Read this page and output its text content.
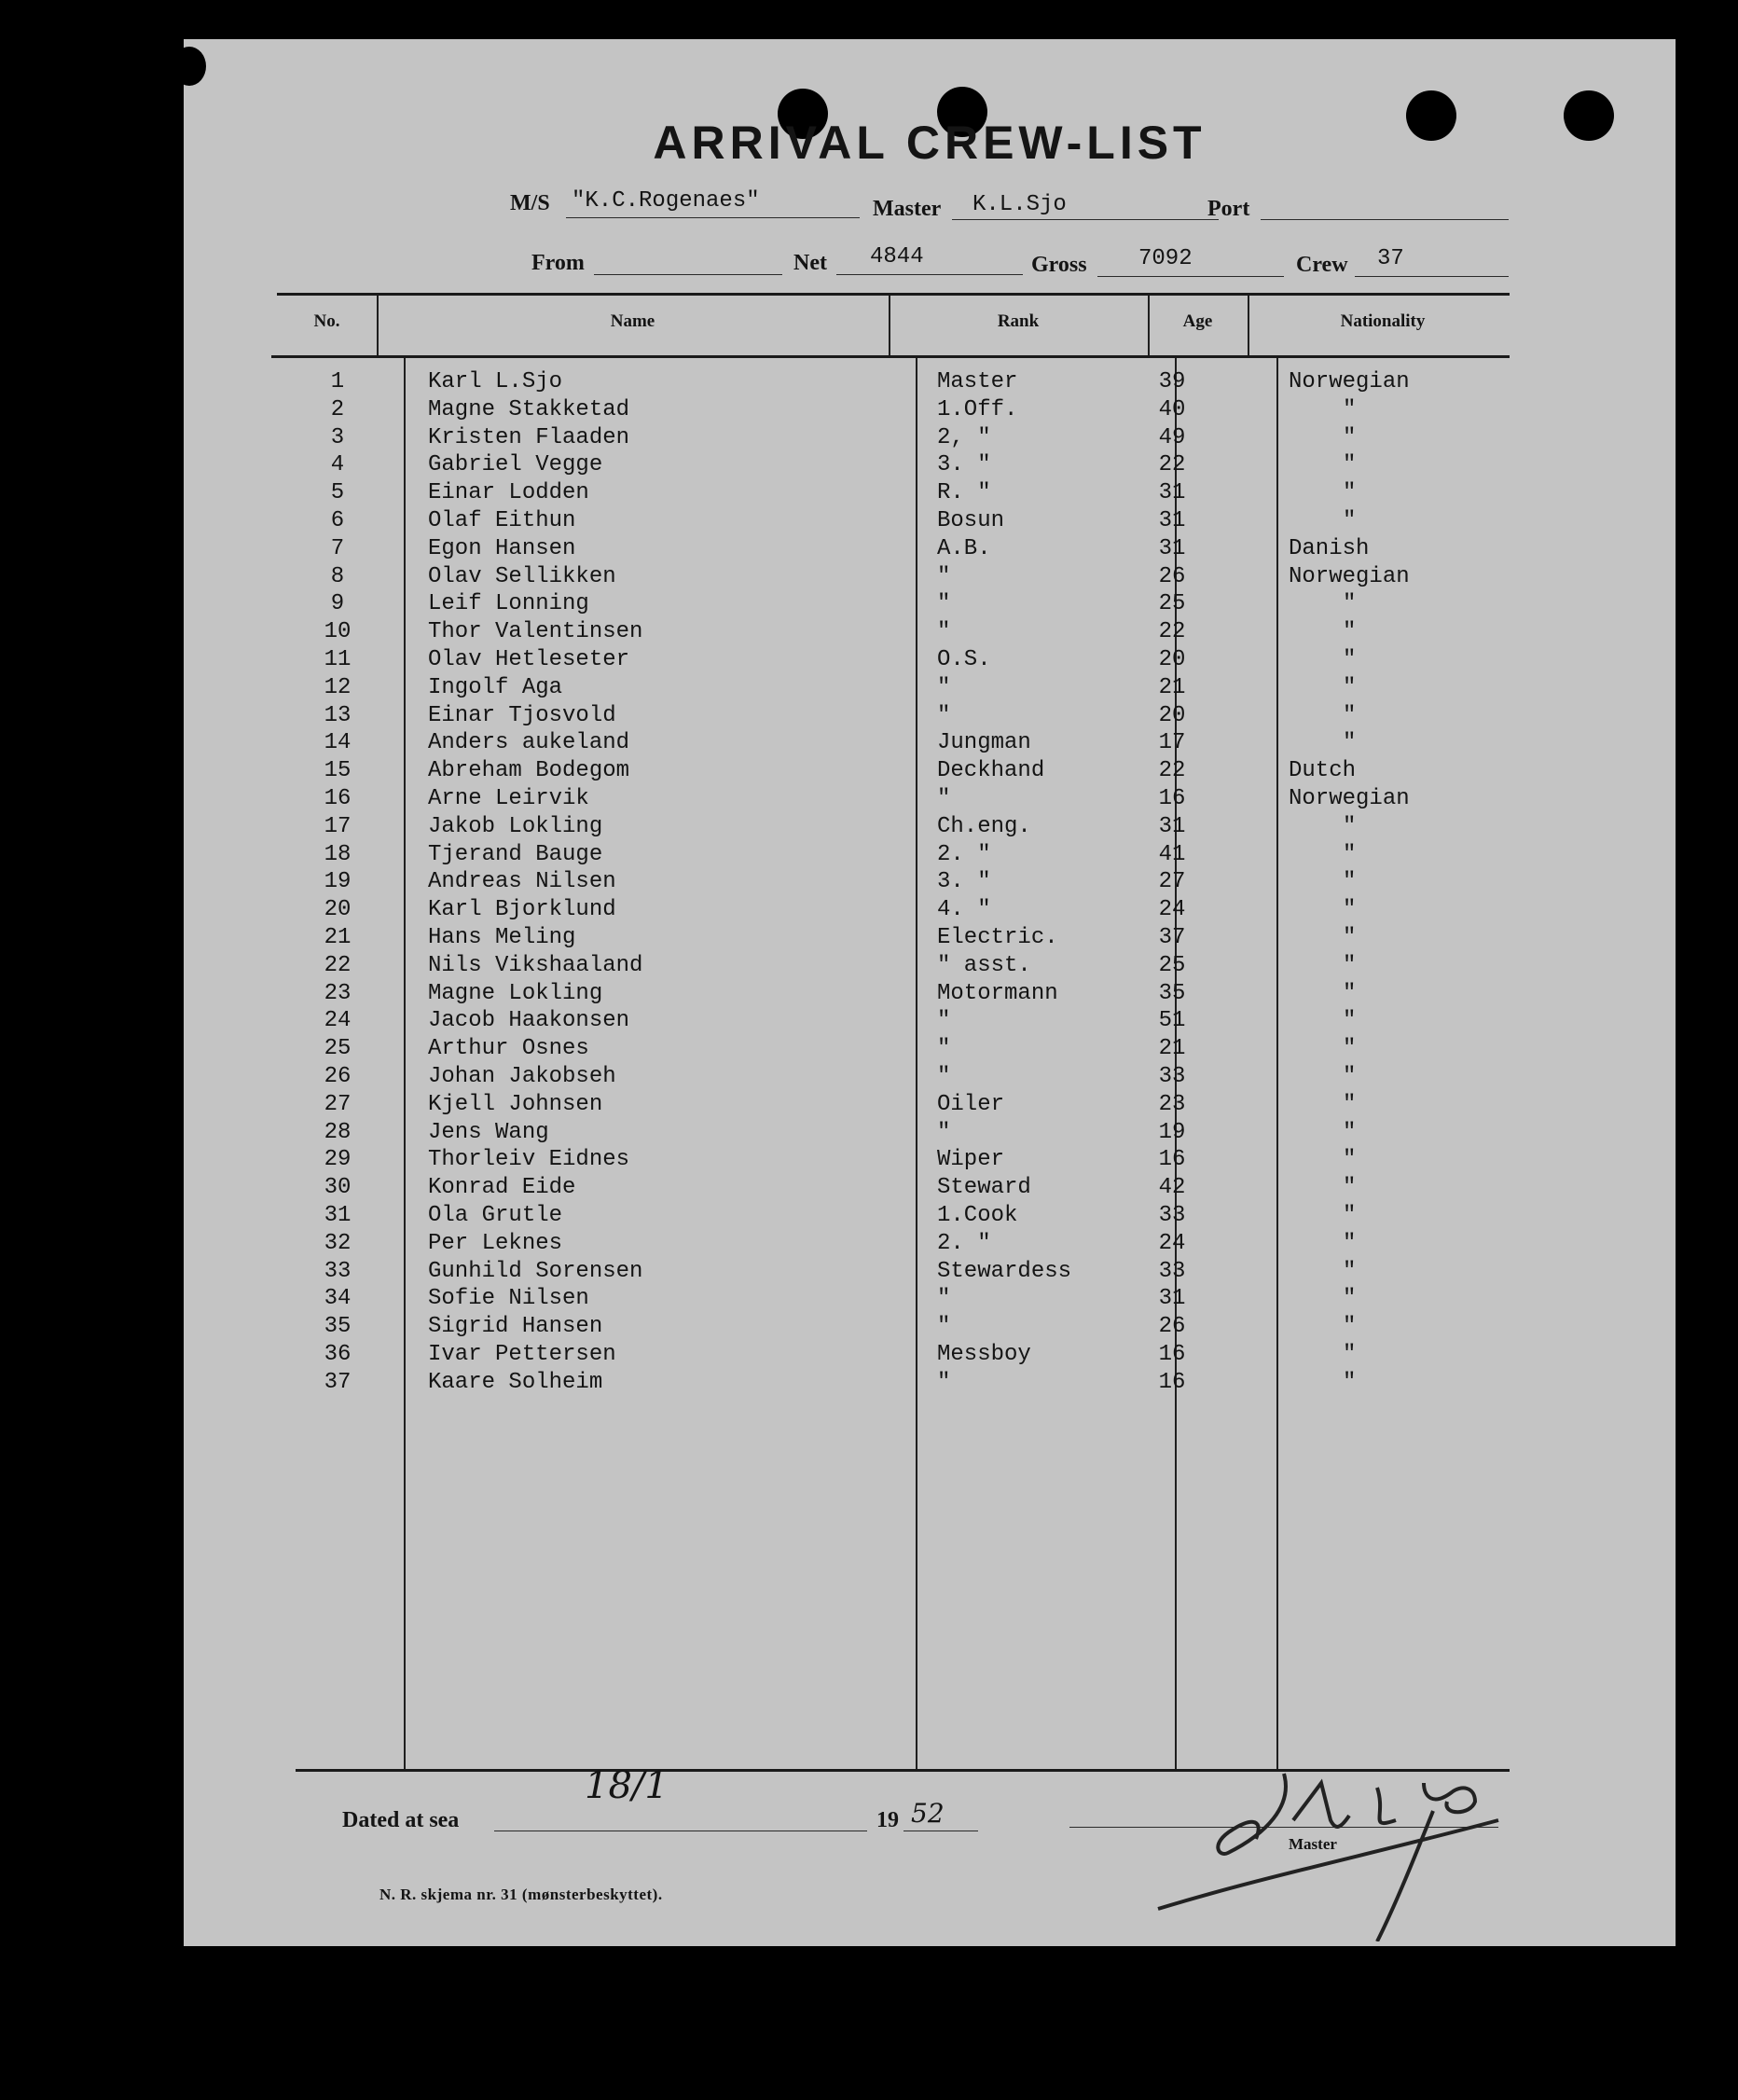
ARRIVAL CREW-LIST
M/S "K.C.Rogenaes"	Master K.L.Sjo	Port
From	Net 4844	Gross 7092	Crew 37
No.	Name	Rank	Age	Nationality
1	Karl L.Sjo	Master	39	Norwegian
2	Magne Stakketad	1.Off.	40	"
3	Kristen Flaaden	2, "	49	"
4	Gabriel Vegge	3. "	22	"
5	Einar Lodden	R. "	31	"
6	Olaf Eithun	Bosun	31	"
7	Egon Hansen	A.B.	31	Danish
8	Olav Sellikken	"	26	Norwegian
9	Leif Lonning	"	25	"
10	Thor Valentinsen	"	22	"
11	Olav Hetleseter	O.S.	20	"
12	Ingolf Aga	"	21	"
13	Einar Tjosvold	"	20	"
14	Anders aukeland	Jungman	17	"
15	Abreham Bodegom	Deckhand	22	Dutch
16	Arne Leirvik	"	16	Norwegian
17	Jakob Lokling	Ch.eng.	31	"
18	Tjerand Bauge	2. "	41	"
19	Andreas Nilsen	3. "	27	"
20	Karl Bjorklund	4. "	24	"
21	Hans Meling	Electric.	37	"
22	Nils Vikshaaland	" asst.	25	"
23	Magne Lokling	Motormann	35	"
24	Jacob Haakonsen	"	51	"
25	Arthur Osnes	"	21	"
26	Johan Jakobseh	"	33	"
27	Kjell Johnsen	Oiler	23	"
28	Jens Wang	"	19	"
29	Thorleiv Eidnes	Wiper	16	"
30	Konrad Eide	Steward	42	"
31	Ola Grutle	1.Cook	33	"
32	Per Leknes	2. "	24	"
33	Gunhild Sorensen	Stewardess	33	"
34	Sofie Nilsen	"	31	"
35	Sigrid Hansen	"	26	"
36	Ivar Pettersen	Messboy	16	"
37	Kaare Solheim	"	16	"
Dated at sea
18/1
19 52
Master
N. R. skjema nr. 31 (mønsterbeskyttet).
